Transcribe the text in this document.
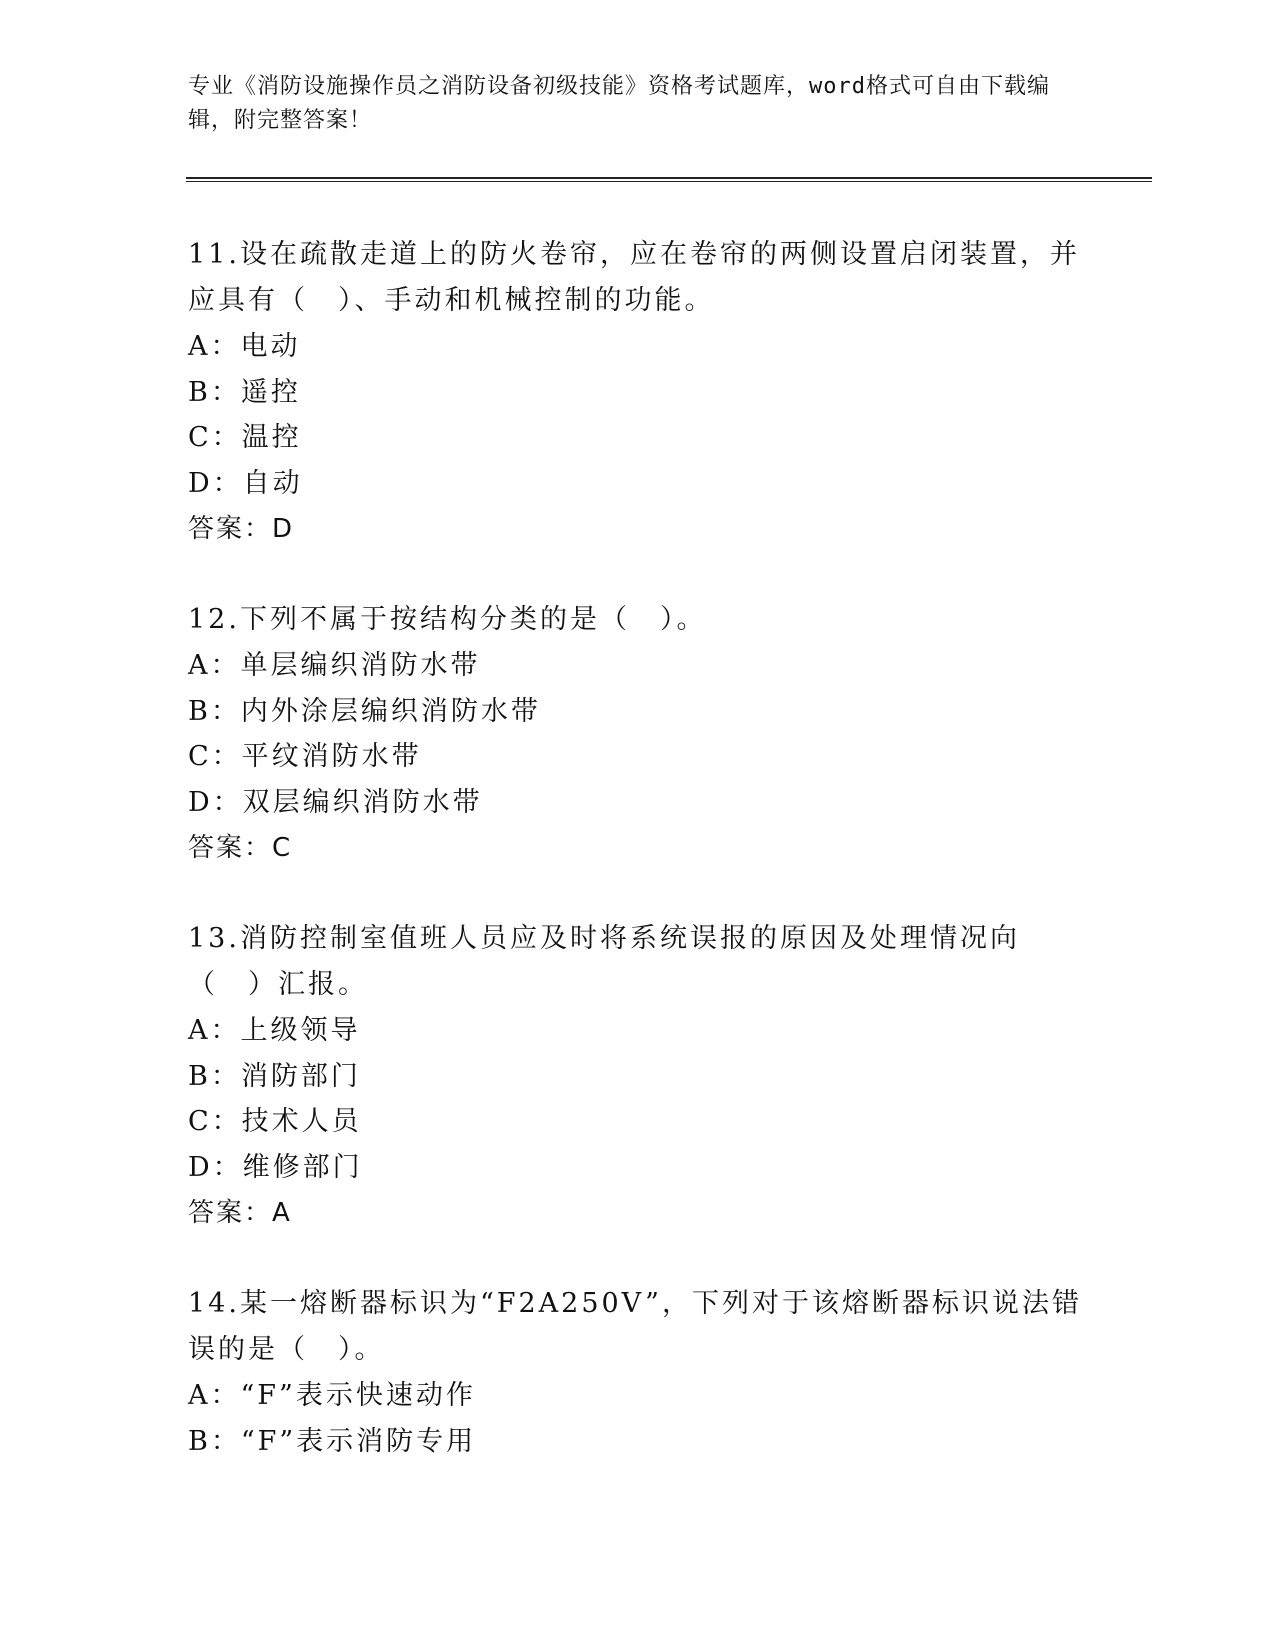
专业《消防设施操作员之消防设备初级技能》资格考试题库，word格式可自由下载编辑，附完整答案！
11.设在疏散走道上的防火卷帘，应在卷帘的两侧设置启闭装置，并应具有（　）、手动和机械控制的功能。
A：电动
B：遥控
C：温控
D：自动
答案：D
12.下列不属于按结构分类的是（　）。
A：单层编织消防水带
B：内外涂层编织消防水带
C：平纹消防水带
D：双层编织消防水带
答案：C
13.消防控制室值班人员应及时将系统误报的原因及处理情况向（　）汇报。
A：上级领导
B：消防部门
C：技术人员
D：维修部门
答案：A
14.某一熔断器标识为“F2A250V”，下列对于该熔断器标识说法错误的是（　）。
A：“F”表示快速动作
B：“F”表示消防专用
